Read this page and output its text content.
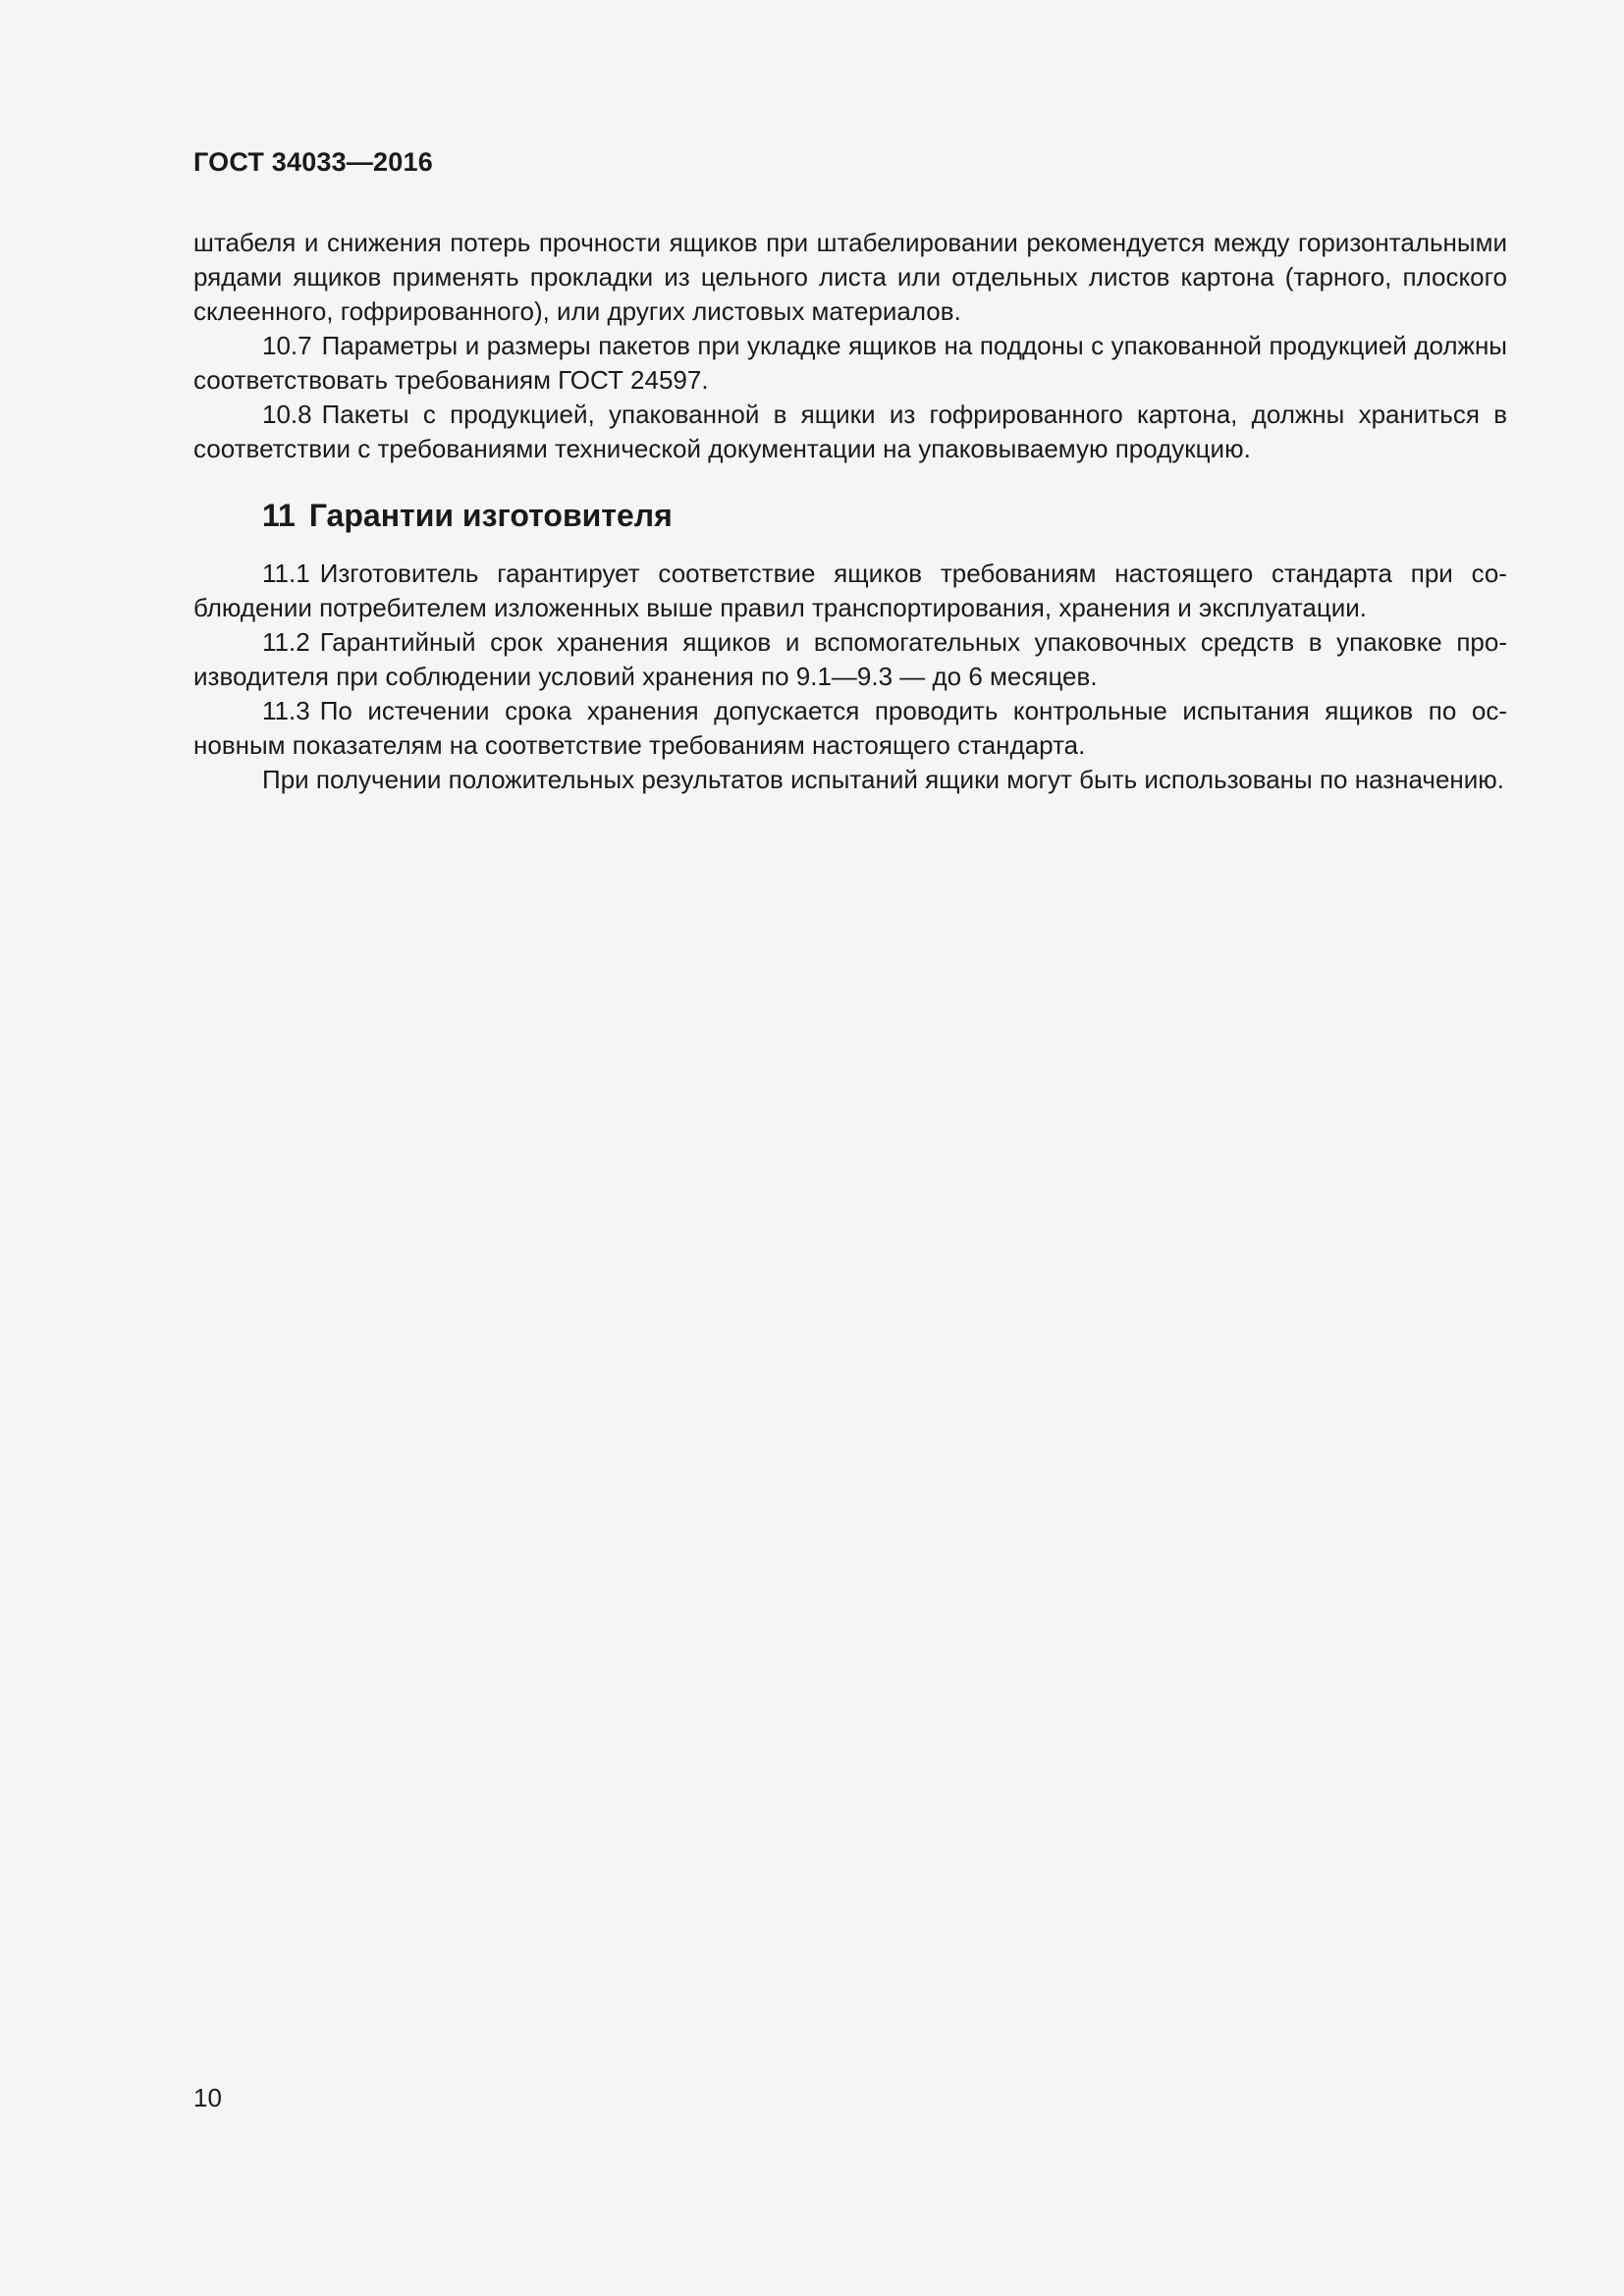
ГОСТ 34033—2016

штабеля и снижения потерь прочности ящиков при штабелировании рекомендуется между горизонтальными рядами ящиков применять прокладки из цельного листа или отдельных листов картона (тарного, плоского склеенного, гофрированного), или других листовых материалов.

10.7 Параметры и размеры пакетов при укладке ящиков на поддоны с упакованной продукцией должны соответствовать требованиям ГОСТ 24597.

10.8 Пакеты с продукцией, упакованной в ящики из гофрированного картона, должны храниться в соответствии с требованиями технической документации на упаковываемую продукцию.

11 Гарантии изготовителя

11.1 Изготовитель гарантирует соответствие ящиков требованиям настоящего стандарта при соблюдении потребителем изложенных выше правил транспортирования, хранения и эксплуатации.

11.2 Гарантийный срок хранения ящиков и вспомогательных упаковочных средств в упаковке производителя при соблюдении условий хранения по 9.1—9.3 — до 6 месяцев.

11.3 По истечении срока хранения допускается проводить контрольные испытания ящиков по основным показателям на соответствие требованиям настоящего стандарта.

При получении положительных результатов испытаний ящики могут быть использованы по назначению.

10
